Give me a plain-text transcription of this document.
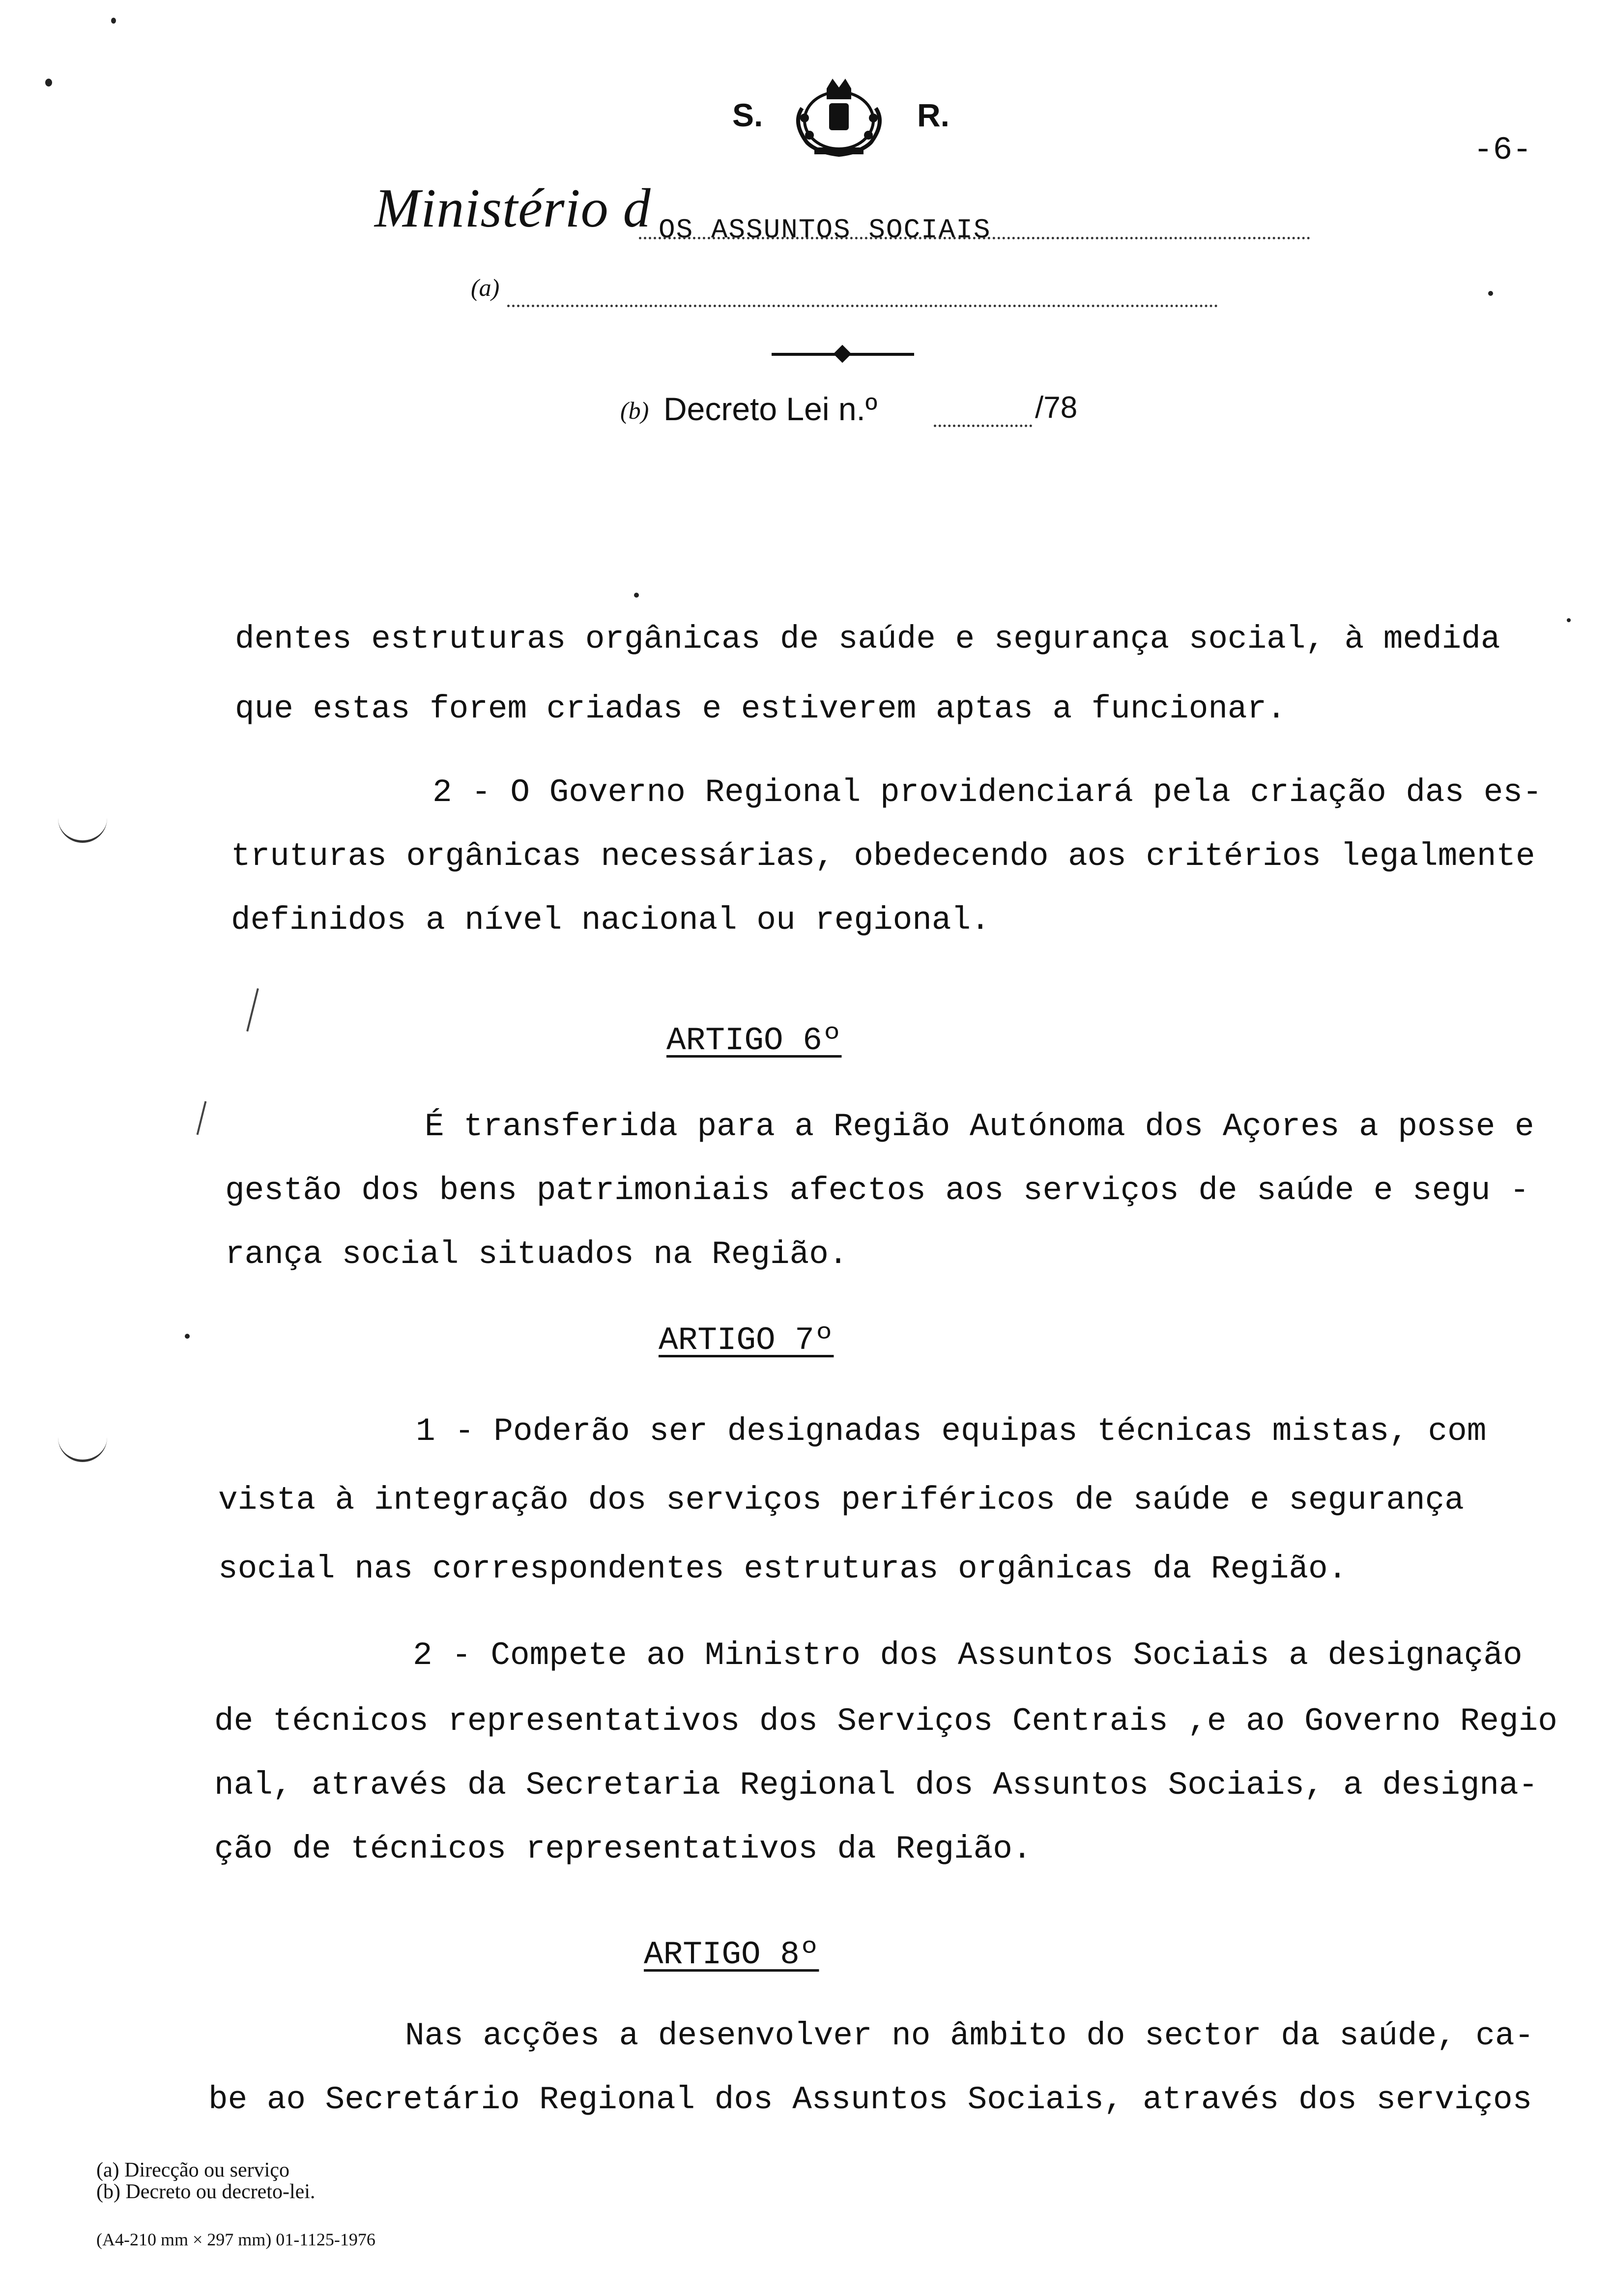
S.	R.
-6-
Ministério d OS ASSUNTOS SOCIAIS
(a)
(b) Decreto Lei n.º	/78
dentes estruturas orgânicas de saúde e segurança social, à medida
que estas forem criadas e estiverem aptas a funcionar.
2 - O Governo Regional providenciará pela criação das es-
truturas orgânicas necessárias, obedecendo aos critérios legalmente
definidos a nível nacional ou regional.
ARTIGO 6º
É transferida para a Região Autónoma dos Açores a posse e
gestão dos bens patrimoniais afectos aos serviços de saúde e segu -
rança social situados na Região.
ARTIGO 7º
1 - Poderão ser designadas equipas técnicas mistas, com
vista à integração dos serviços periféricos de saúde e segurança
social nas correspondentes estruturas orgânicas da Região.
2 - Compete ao Ministro dos Assuntos Sociais a designação
de técnicos representativos dos Serviços Centrais ,e ao Governo Regio
nal, através da Secretaria Regional dos Assuntos Sociais, a designa-
ção de técnicos representativos da Região.
ARTIGO 8º
Nas acções a desenvolver no âmbito do sector da saúde, ca-
be ao Secretário Regional dos Assuntos Sociais, através dos serviços
(a) Direcção ou serviço
(b) Decreto ou decreto-lei.
(A4-210 mm × 297 mm) 01-1125-1976
